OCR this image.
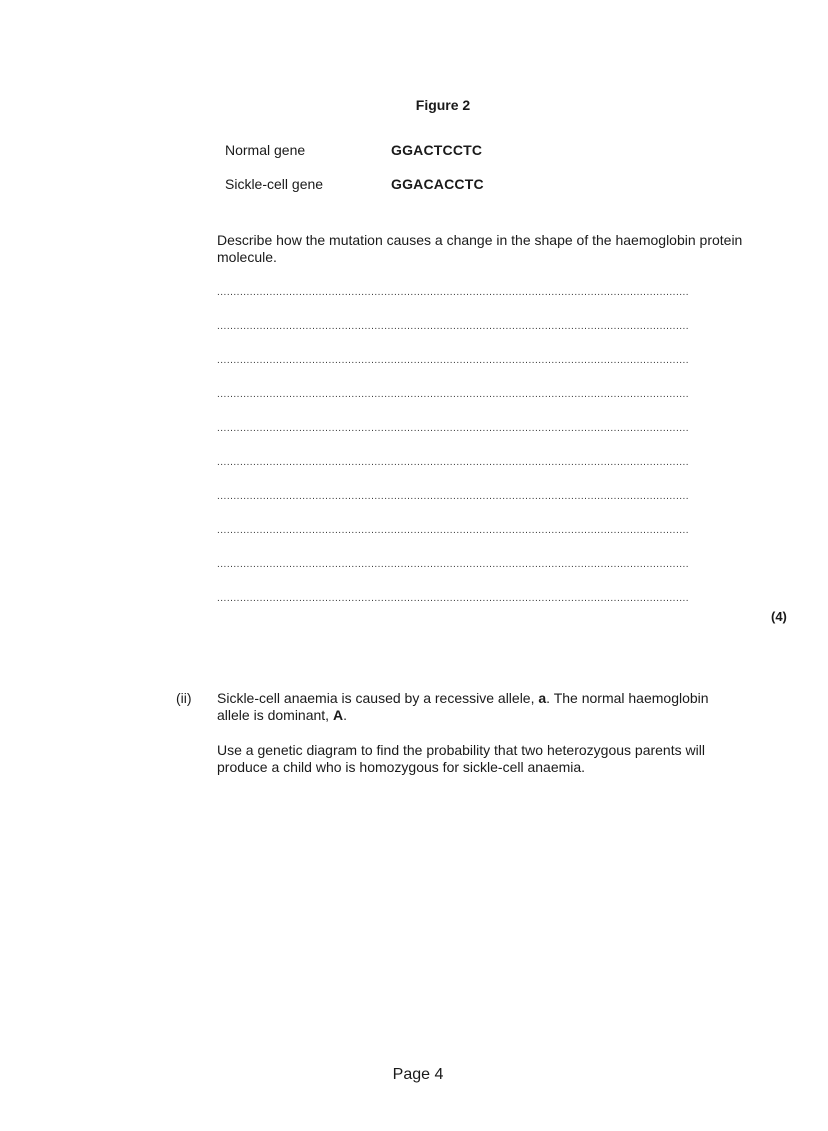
Figure 2
Normal gene	GGACTCCTC
Sickle-cell gene	GGACACCTC
Describe how the mutation causes a change in the shape of the haemoglobin protein molecule.
................................................................................................................................................
................................................................................................................................................
................................................................................................................................................
................................................................................................................................................
................................................................................................................................................
................................................................................................................................................
................................................................................................................................................
................................................................................................................................................
................................................................................................................................................
................................................................................................................................................
(4)
(ii) Sickle-cell anaemia is caused by a recessive allele, a. The normal haemoglobin allele is dominant, A.
Use a genetic diagram to find the probability that two heterozygous parents will produce a child who is homozygous for sickle-cell anaemia.
Page 4
